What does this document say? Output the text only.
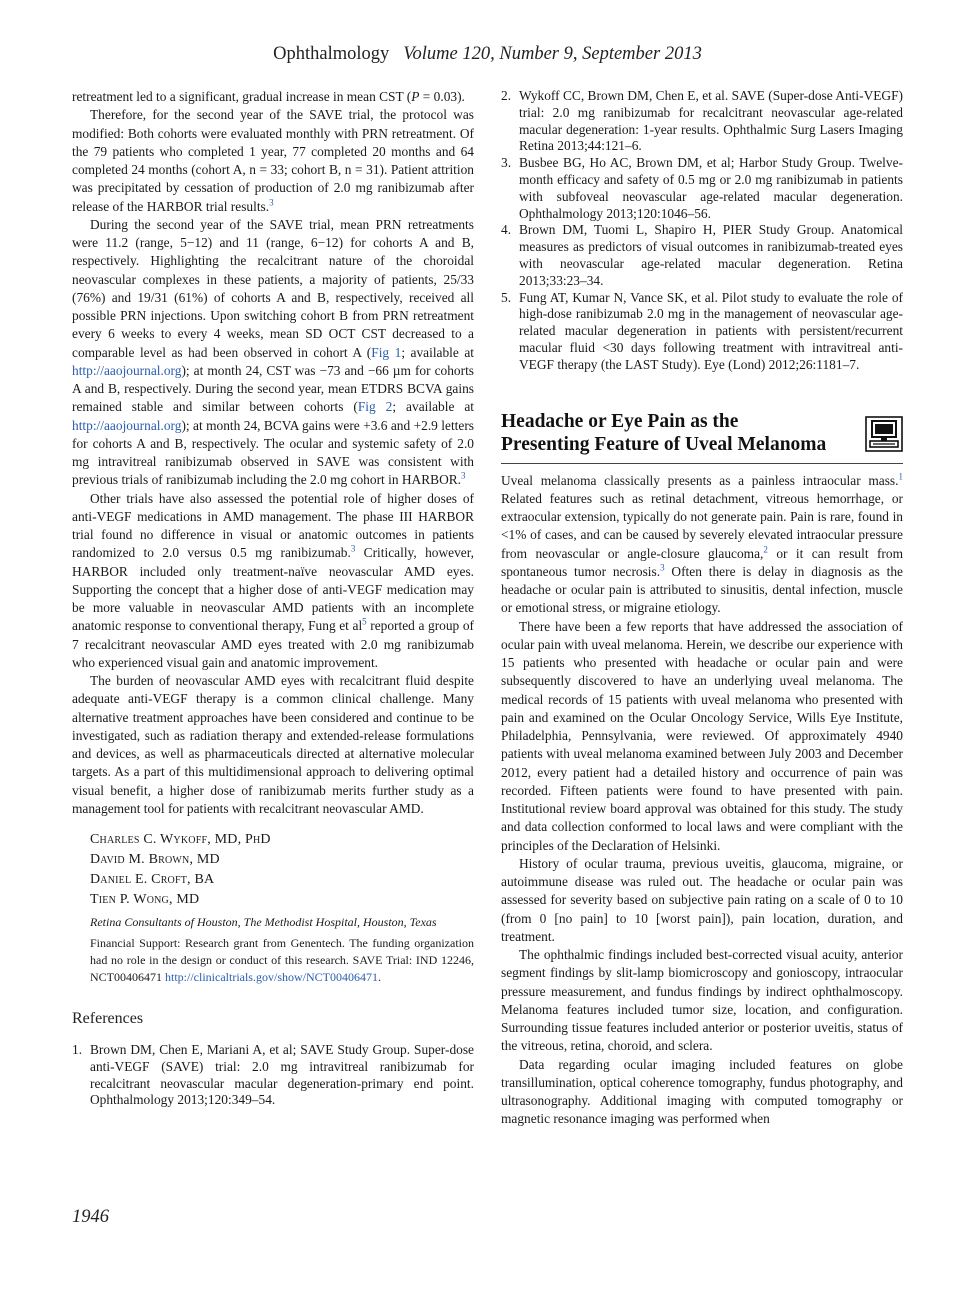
Ophthalmology Volume 120, Number 9, September 2013

retreatment led to a significant, gradual increase in mean CST (P = 0.03).

Therefore, for the second year of the SAVE trial, the protocol was modified: Both cohorts were evaluated monthly with PRN retreatment. Of the 79 patients who completed 1 year, 77 completed 20 months and 64 completed 24 months (cohort A, n = 33; cohort B, n = 31). Patient attrition was precipitated by cessation of production of 2.0 mg ranibizumab after release of the HARBOR trial results.$^3$

During the second year of the SAVE trial, mean PRN retreatments were 11.2 (range, 5−12) and 11 (range, 6−12) for cohorts A and B, respectively. Highlighting the recalcitrant nature of the choroidal neovascular complexes in these patients, a majority of patients, 25/33 (76%) and 19/31 (61%) of cohorts A and B, respectively, received all possible PRN injections. Upon switching cohort B from PRN retreatment every 6 weeks to every 4 weeks, mean SD OCT CST decreased to a comparable level as had been observed in cohort A (Fig 1; available at http://aaojournal.org); at month 24, CST was −73 and −66 µm for cohorts A and B, respectively. During the second year, mean ETDRS BCVA gains remained stable and similar between cohorts (Fig 2; available at http://aaojournal.org); at month 24, BCVA gains were +3.6 and +2.9 letters for cohorts A and B, respectively. The ocular and systemic safety of 2.0 mg intravitreal ranibizumab observed in SAVE was consistent with previous trials of ranibizumab including the 2.0 mg cohort in HARBOR.$^3$

Other trials have also assessed the potential role of higher doses of anti-VEGF medications in AMD management. The phase III HARBOR trial found no difference in visual or anatomic outcomes in patients randomized to 2.0 versus 0.5 mg ranibizumab.$^3$ Critically, however, HARBOR included only treatment-naïve neovascular AMD eyes. Supporting the concept that a higher dose of anti-VEGF medication may be more valuable in neovascular AMD patients with an incomplete anatomic response to conventional therapy, Fung et $al^5$ reported a group of 7 recalcitrant neovascular AMD eyes treated with 2.0 mg ranibizumab who experienced visual gain and anatomic improvement.

The burden of neovascular AMD eyes with recalcitrant fluid despite adequate anti-VEGF therapy is a common clinical challenge. Many alternative treatment approaches have been considered and continue to be investigated, such as radiation therapy and extended-release formulations and devices, as well as pharmaceuticals directed at alternative molecular targets. As a part of this multidimensional approach to delivering optimal visual benefit, a higher dose of ranibizumab merits further study as a management tool for patients with recalcitrant neovascular AMD.

Charles C. Wykoff, MD, PhD
David M. Brown, MD
Daniel E. Croft, BA
Tien P. Wong, MD
Retina Consultants of Houston, The Methodist Hospital, Houston, Texas
Financial Support: Research grant from Genentech. The funding organization had no role in the design or conduct of this research. SAVE Trial: IND 12246, NCT00406471 http://clinicaltrials.gov/show/NCT00406471.
References
1. Brown DM, Chen E, Mariani A, et al; SAVE Study Group. Super-dose anti-VEGF (SAVE) trial: 2.0 mg intravitreal ranibizumab for recalcitrant neovascular macular degeneration-primary end point. Ophthalmology 2013;120:349–54.
2. Wykoff CC, Brown DM, Chen E, et al. SAVE (Super-dose Anti-VEGF) trial: 2.0 mg ranibizumab for recalcitrant neovascular age-related macular degeneration: 1-year results. Ophthalmic Surg Lasers Imaging Retina 2013;44:121–6.
3. Busbee BG, Ho AC, Brown DM, et al; Harbor Study Group. Twelve-month efficacy and safety of 0.5 mg or 2.0 mg ranibizumab in patients with subfoveal neovascular age-related macular degeneration. Ophthalmology 2013;120:1046–56.
4. Brown DM, Tuomi L, Shapiro H, PIER Study Group. Anatomical measures as predictors of visual outcomes in ranibizumab-treated eyes with neovascular age-related macular degeneration. Retina 2013;33:23–34.
5. Fung AT, Kumar N, Vance SK, et al. Pilot study to evaluate the role of high-dose ranibizumab 2.0 mg in the management of neovascular age-related macular degeneration in patients with persistent/recurrent macular fluid <30 days following treatment with intravitreal anti-VEGF therapy (the LAST Study). Eye (Lond) 2012;26:1181–7.
Headache or Eye Pain as the
Presenting Feature of Uveal Melanoma

Uveal melanoma classically presents as a painless intraocular mass.$^1$ Related features such as retinal detachment, vitreous hemorrhage, or extraocular extension, typically do not generate pain. Pain is rare, found in <1% of cases, and can be caused by severely elevated intraocular pressure from neovascular or angle-closure glaucoma,$^2$ or it can result from spontaneous tumor necrosis.$^3$ Often there is delay in diagnosis as the headache or ocular pain is attributed to sinusitis, dental infection, muscle or emotional stress, or migraine etiology.

There have been a few reports that have addressed the association of ocular pain with uveal melanoma. Herein, we describe our experience with 15 patients who presented with headache or ocular pain and were subsequently discovered to have an underlying uveal melanoma. The medical records of 15 patients with uveal melanoma who presented with pain and examined on the Ocular Oncology Service, Wills Eye Institute, Philadelphia, Pennsylvania, were reviewed. Of approximately 4940 patients with uveal melanoma examined between July 2003 and December 2012, every patient had a detailed history and occurrence of pain was recorded. Fifteen patients were found to have presented with pain. Institutional review board approval was obtained for this study. The study and data collection conformed to local laws and were compliant with the principles of the Declaration of Helsinki.

History of ocular trauma, previous uveitis, glaucoma, migraine, or autoimmune disease was ruled out. The headache or ocular pain was assessed for severity based on subjective pain rating on a scale of 0 to 10 (from 0 [no pain] to 10 [worst pain]), pain location, duration, and treatment.

The ophthalmic findings included best-corrected visual acuity, anterior segment findings by slit-lamp biomicroscopy and gonioscopy, intraocular pressure measurement, and fundus findings by indirect ophthalmoscopy. Melanoma features included tumor size, location, and configuration. Surrounding tissue features included anterior or posterior uveitis, status of the vitreous, retina, choroid, and sclera.

Data regarding ocular imaging included features on globe transillumination, optical coherence tomography, fundus photography, and ultrasonography. Additional imaging with computed tomography or magnetic resonance imaging was performed when

1946
